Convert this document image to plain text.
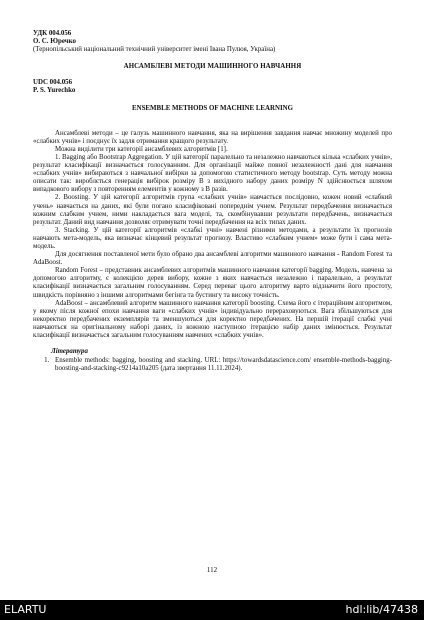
УДК 004.056

О. С. Юречко

(Тернопільський національний технічний університет імені Івана Пулюя, Україна)

АНСАМБЛЕВІ МЕТОДИ МАШИННОГО НАВЧАННЯ

UDC 004.056

P. S. Yurechko

ENSEMBLE METHODS OF MACHINE LEARNING

Ансамблеві методи – це галузь машинного навчання, яка на вирішення завдання навчає множину моделей про «слабких учнів» і поєднує їх задля отримання кращого результату.

Можна виділити три категорії ансамблевих алгоритмів [1].

1. Bagging або Bootstrap Aggregation. У цій категорії паралельно та незалежно навчаються кілька «слабких учнів», результат класифікації визначається голосуванням. Для організації майже повної незалежності дані для навчання «слабких учнів» вибираються з навчальної вибірки за допомогою статистичного методу bootstrap. Суть методу можна описати так: вироблється генерація вибірок розміру B з вихідного набору даних розміру N здійснюється шляхом випадкового вибору з повторенням елементів у кожному з B разів.

2. Boosting. У цій категорії алгоритмів група «слабких учнів» навчається послідовно, кожен новий «слабкий учень» навчається на даних, які були погано класифіковані попереднім учнем. Результат передбачення визначається кожним слабким учнем, ними накладається вага моделі, та, скомбінувавши результати передбачень, визначається результат. Даний вид навчання дозволяє отримувати точні передбачення на всіх типах даних.

3. Stacking. У цій категорії алгоритмів «слабкі учні» навчені різними методами, а результати їх прогнозів навчають мета-модель, яка визначає кінцевий результат прогнозу. Властиво «слабким учнем» може бути і сама мета-модель.

Для досягнення поставленої мети було обрано два ансамблеві алгоритми машинного навчання - Random Forest та AdaBoost.

Random Forest – представник ансамблевих алгоритмів машинного навчання категорії bagging. Модель, навчена за допомогою алгоритму, є колекцією дерев вибору, кожне з яких навчається незалежно і паралельно, а результат класифікації визначається загальним голосуванням. Серед переваг цього алгоритму варто відзначити його простоту, швидкість порівняно з іншими алгоритмами бегінга та бустингу та високу точність.

AdaBoost – ансамблевий алгоритм машинного навчання категорії boosting. Схема його є ітераційним алгоритмом, у якому після кожної епохи навчання ваги «слабких учнів» індивідуально перераховуються. Вага збільшуються для некоректно передбачених екземплярів та зменшуються для коректно передбачених. На першій ітерації слабкі учні навчаються на оригінальному наборі даних, із кожною наступною ітерацією набір даних змінюється. Результат класифікації визначається загальним голосуванням навчених «слабких учнів».

Література

1. Ensemble methods: bagging, boosting and stacking. URL: https://towardsdatascience.com/ ensemble-methods-bagging-boosting-and-stacking-c9214a10a205 (дата звертання 11.11.2024).
112
ELARTU	hdl:lib/47438
